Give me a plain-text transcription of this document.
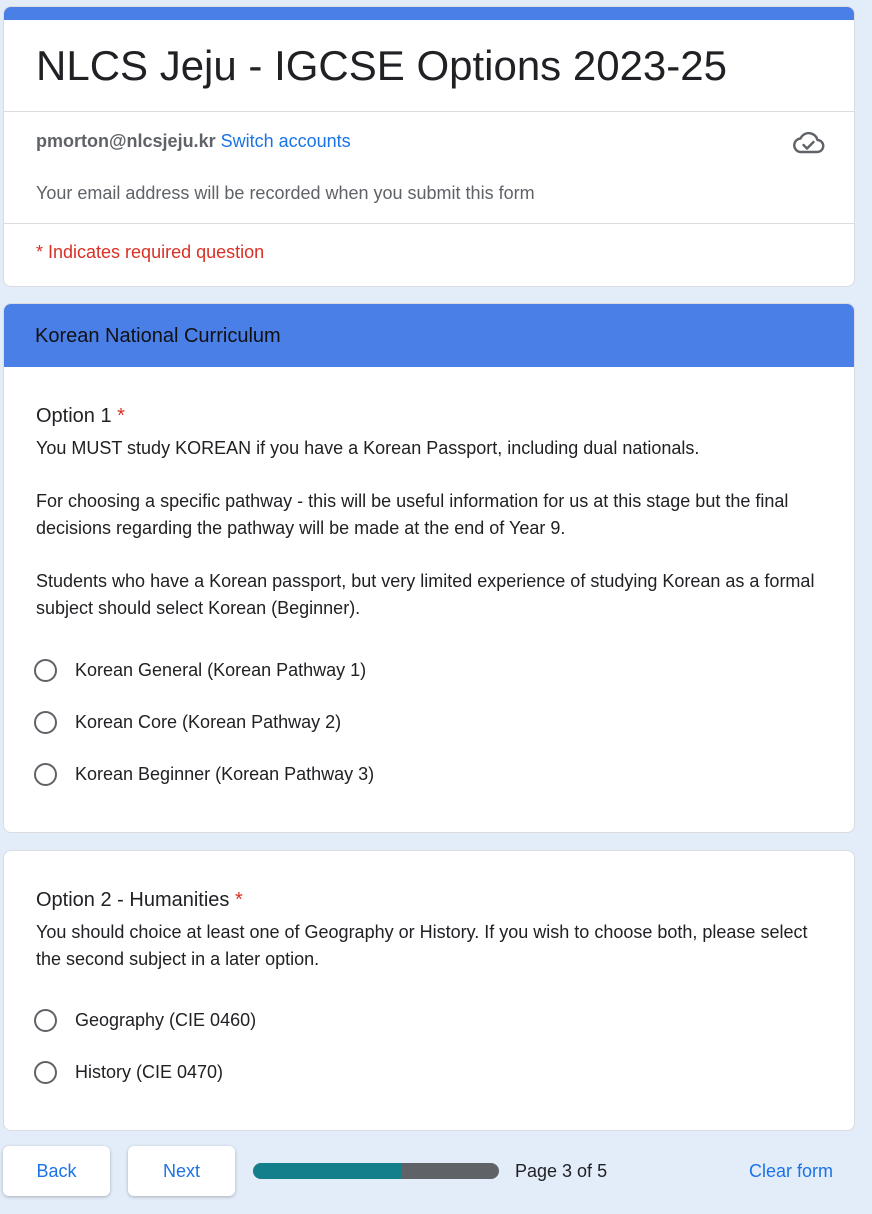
NLCS Jeju - IGCSE Options 2023-25
pmorton@nlcsjeju.kr Switch accounts
Your email address will be recorded when you submit this form
* Indicates required question
Korean National Curriculum
Option 1 *

You MUST study KOREAN if you have a Korean Passport, including dual nationals.

For choosing a specific pathway - this will be useful information for us at this stage but the final decisions regarding the pathway will be made at the end of Year 9.

Students who have a Korean passport, but very limited experience of studying Korean as a formal subject should select Korean (Beginner).

Korean General (Korean Pathway 1)
Korean Core (Korean Pathway 2)
Korean Beginner (Korean Pathway 3)
Option 2 - Humanities *

You should choice at least one of Geography or History. If you wish to choose both, please select the second subject in a later option.

Geography (CIE 0460)
History (CIE 0470)
Back	Next	Page 3 of 5	Clear form
